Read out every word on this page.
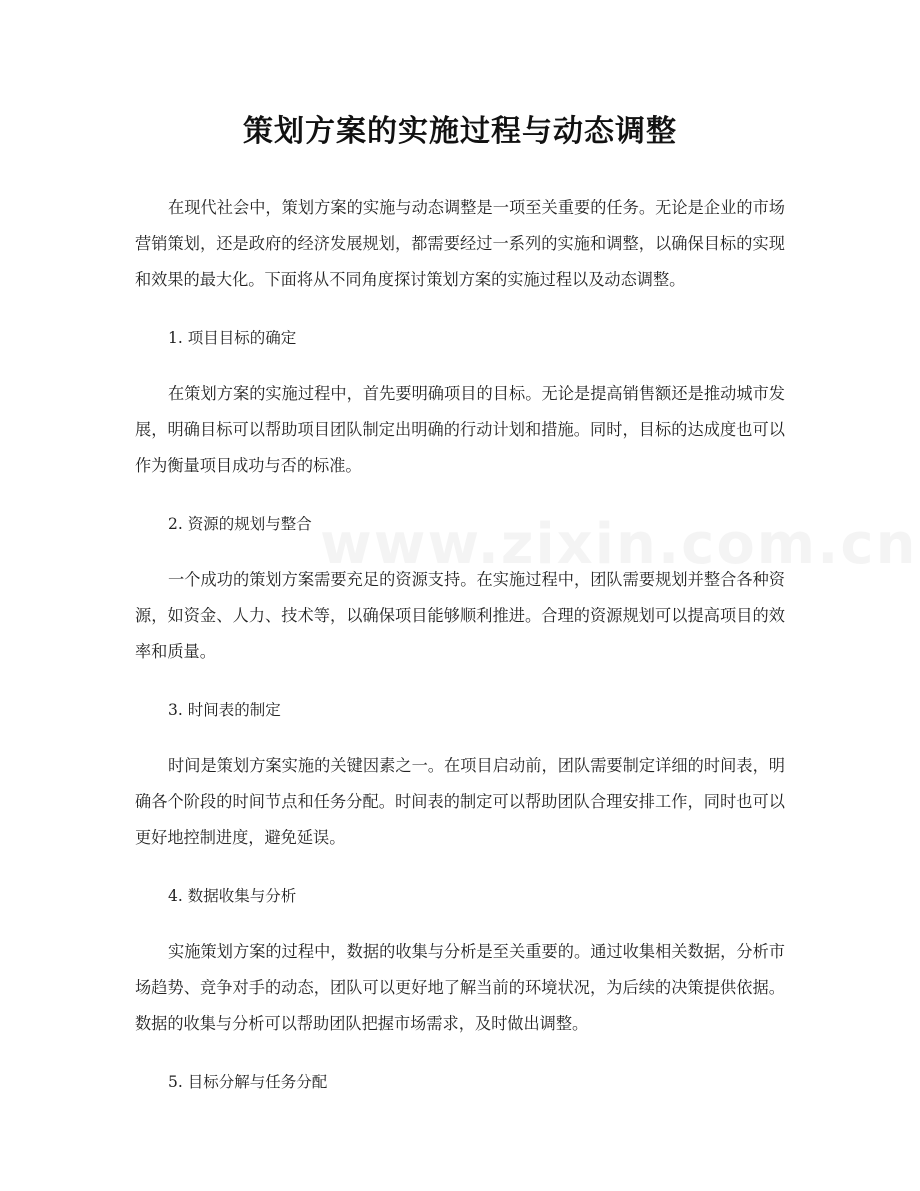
策划方案的实施过程与动态调整

在现代社会中，策划方案的实施与动态调整是一项至关重要的任务。无论是企业的市场营销策划，还是政府的经济发展规划，都需要经过一系列的实施和调整，以确保目标的实现和效果的最大化。下面将从不同角度探讨策划方案的实施过程以及动态调整。

1. 项目目标的确定

在策划方案的实施过程中，首先要明确项目的目标。无论是提高销售额还是推动城市发展，明确目标可以帮助项目团队制定出明确的行动计划和措施。同时，目标的达成度也可以作为衡量项目成功与否的标准。

2. 资源的规划与整合

一个成功的策划方案需要充足的资源支持。在实施过程中，团队需要规划并整合各种资源，如资金、人力、技术等，以确保项目能够顺利推进。合理的资源规划可以提高项目的效率和质量。

3. 时间表的制定

时间是策划方案实施的关键因素之一。在项目启动前，团队需要制定详细的时间表，明确各个阶段的时间节点和任务分配。时间表的制定可以帮助团队合理安排工作，同时也可以更好地控制进度，避免延误。

4. 数据收集与分析

实施策划方案的过程中，数据的收集与分析是至关重要的。通过收集相关数据，分析市场趋势、竞争对手的动态，团队可以更好地了解当前的环境状况，为后续的决策提供依据。数据的收集与分析可以帮助团队把握市场需求，及时做出调整。

5. 目标分解与任务分配
